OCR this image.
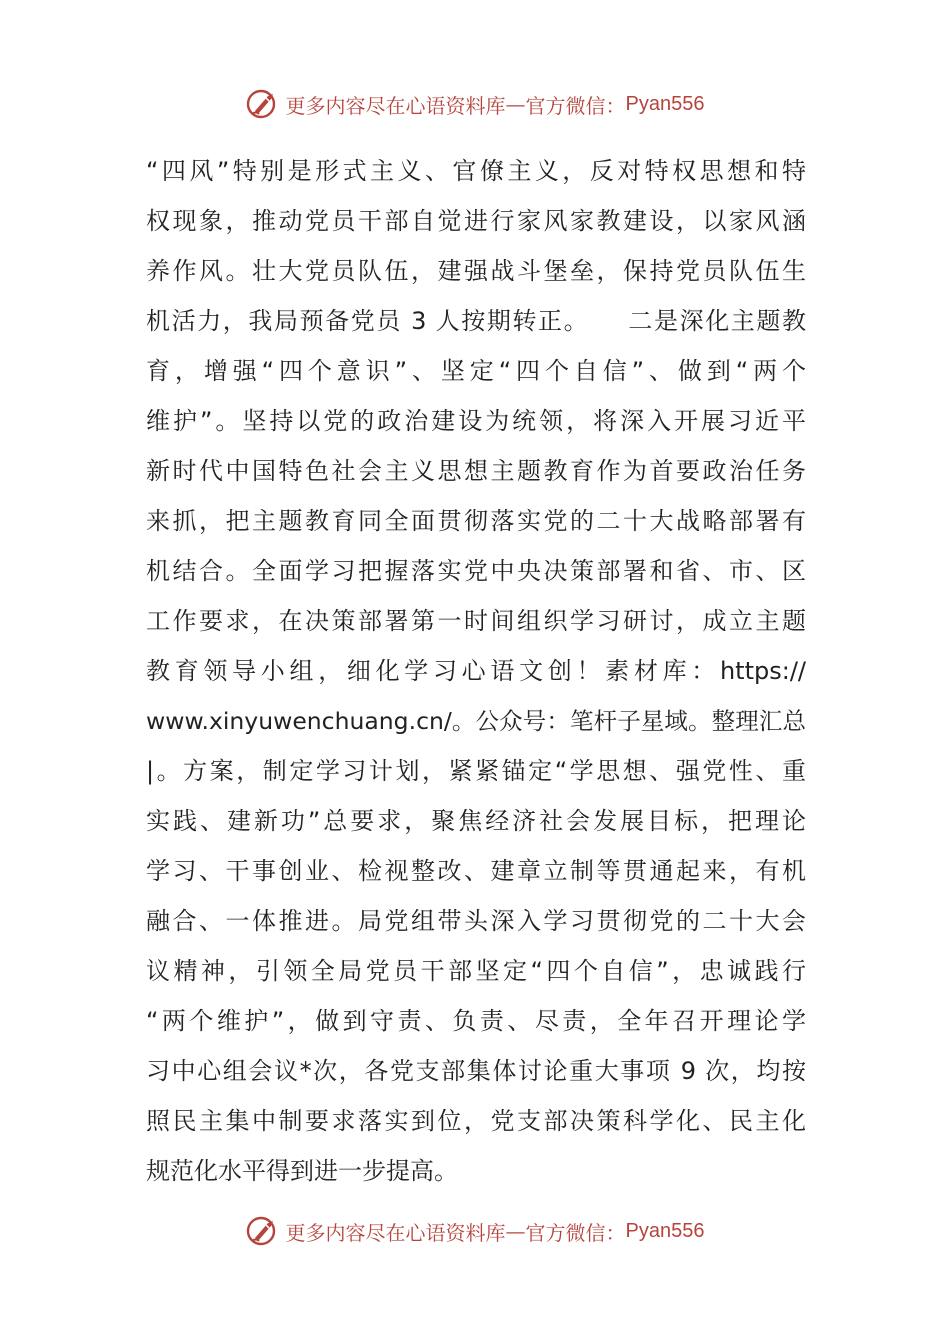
更多内容尽在心语资料库 — 官方微信： Pyan556
“四风”特别是形式主义、官僚主义，反对特权思想和特
权现象，推动党员干部自觉进行家风家教建设，以家风涵
养作风。壮大党员队伍，建强战斗堡垒，保持党员队伍生
机活力，我局预备党员 3 人按期转正。　　二是深化主题教
育，增强“四个意识”、坚定“四个自信”、做到“两个
维护”。坚持以党的政治建设为统领，将深入开展习近平
新时代中国特色社会主义思想主题教育作为首要政治任务
来抓，把主题教育同全面贯彻落实党的二十大战略部署有
机结合。全面学习把握落实党中央决策部署和省、市、区
工作要求，在决策部署第一时间组织学习研讨，成立主题
教育领导小组，细化学习心语文创！素材库：https://
www.xinyuwenchuang.cn/。公众号：笔杆子星域。整理汇总
|。方案，制定学习计划，紧紧锚定“学思想、强党性、重
实践、建新功”总要求，聚焦经济社会发展目标，把理论
学习、干事创业、检视整改、建章立制等贯通起来，有机
融合、一体推进。局党组带头深入学习贯彻党的二十大会
议精神，引领全局党员干部坚定“四个自信”，忠诚践行
“两个维护”，做到守责、负责、尽责，全年召开理论学
习中心组会议*次，各党支部集体讨论重大事项 9 次，均按
照民主集中制要求落实到位，党支部决策科学化、民主化
规范化水平得到进一步提高。
更多内容尽在心语资料库 — 官方微信： Pyan556
